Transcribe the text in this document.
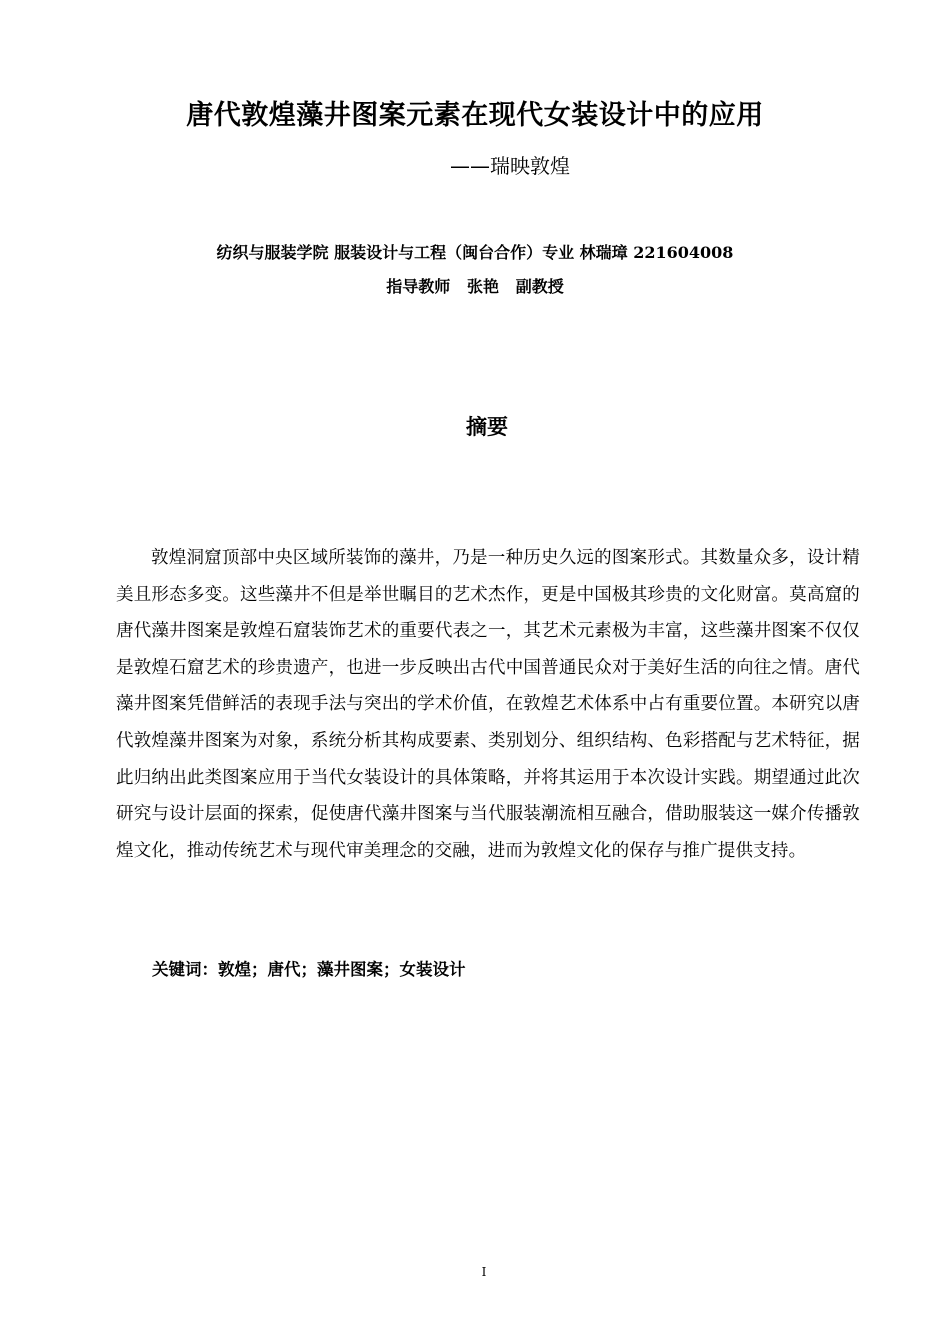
唐代敦煌藻井图案元素在现代女装设计中的应用
——瑞映敦煌
纺织与服装学院 服装设计与工程（闽台合作）专业 林瑞璋 221604008
指导教师   张艳   副教授
摘要

敦煌洞窟顶部中央区域所装饰的藻井，乃是一种历史久远的图案形式。其数量众多，设计精美且形态多变。这些藻井不但是举世瞩目的艺术杰作，更是中国极其珍贵的文化财富。莫高窟的唐代藻井图案是敦煌石窟装饰艺术的重要代表之一，其艺术元素极为丰富，这些藻井图案不仅仅是敦煌石窟艺术的珍贵遗产，也进一步反映出古代中国普通民众对于美好生活的向往之情。唐代藻井图案凭借鲜活的表现手法与突出的学术价值，在敦煌艺术体系中占有重要位置。本研究以唐代敦煌藻井图案为对象，系统分析其构成要素、类别划分、组织结构、色彩搭配与艺术特征，据此归纳出此类图案应用于当代女装设计的具体策略，并将其运用于本次设计实践。期望通过此次研究与设计层面的探索，促使唐代藻井图案与当代服装潮流相互融合，借助服装这一媒介传播敦煌文化，推动传统艺术与现代审美理念的交融，进而为敦煌文化的保存与推广提供支持。

关键词：敦煌；唐代；藻井图案；女装设计
I
